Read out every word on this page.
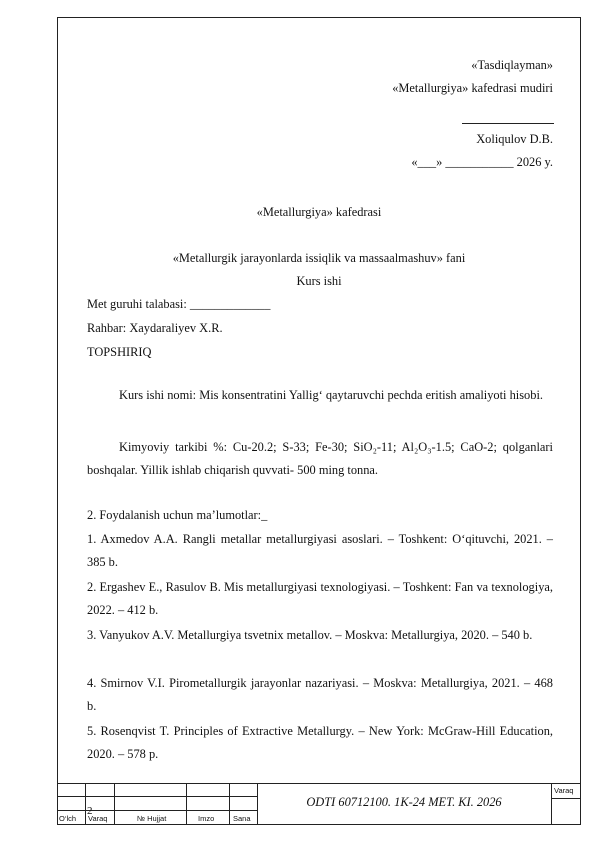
«Tasdiqlayman»
«Metallurgiya» kafedrasi mudiri
Xoliqulov D.B.
«___» ___________ 2026 y.
«Metallurgiya» kafedrasi
«Metallurgik jarayonlarda issiqlik va massaalmashuv» fani
Kurs ishi
Met guruhi talabasi: _____________
Rahbar: Xaydaraliyev X.R.
TOPSHIRIQ
Kurs ishi nomi: Mis konsentratini Yallig‘ qaytaruvchi pechda eritish amaliyoti hisobi.
Kimyoviy tarkibi %: Cu-20.2; S-33; Fe-30; SiO₂-11; Al₂O₃-1.5; CaO-2; qolganlari boshqalar. Yillik ishlab chiqarish quvvati- 500 ming tonna.
2. Foydalanish uchun ma’lumotlar:_
1. Axmedov A.A. Rangli metallar metallurgiyasi asoslari. – Toshkent: O‘qituvchi, 2021. – 385 b.
2. Ergashev E., Rasulov B. Mis metallurgiyasi texnologiyasi. – Toshkent: Fan va texnologiya, 2022. – 412 b.
3. Vanyukov A.V. Metallurgiya tsvetnix metallov. – Moskva: Metallurgiya, 2020. – 540 b.
4. Smirnov V.I. Pirometallurgik jarayonlar nazariyasi. – Moskva: Metallurgiya, 2021. – 468 b.
5. Rosenqvist T. Principles of Extractive Metallurgy. – New York: McGraw-Hill Education, 2020. – 578 p.
2
O‘lch Varaq	№ Hujjat	Imzo Sana
ODTI 60712100. 1K-24 MET. KI. 2026
Varaq
